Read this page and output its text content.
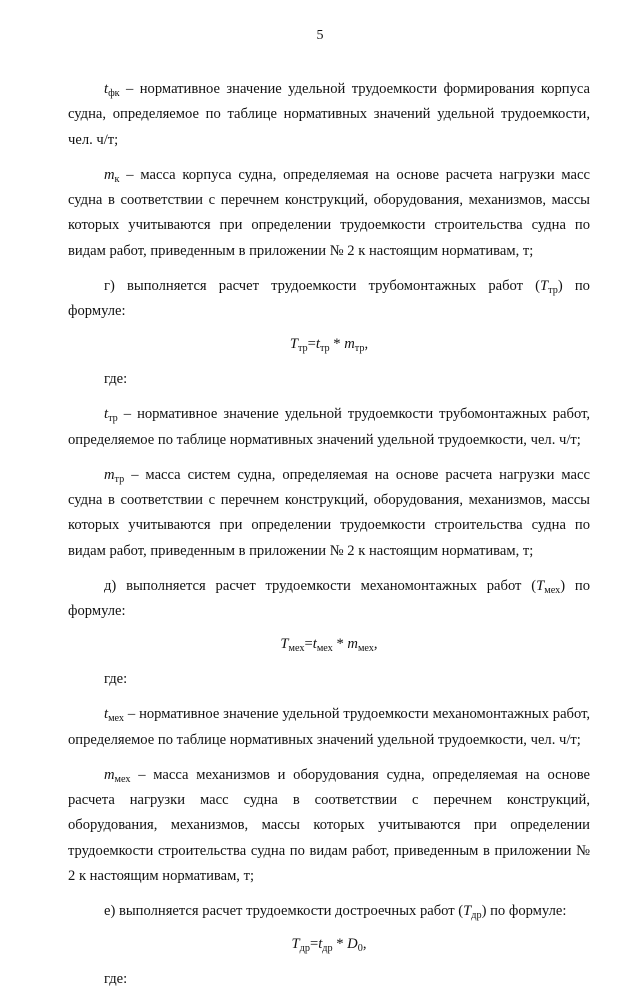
5

$t_{фк}$ – нормативное значение удельной трудоемкости формирования корпуса судна, определяемое по таблице нормативных значений удельной трудоемкости, чел. ч/т;

$m_к$ – масса корпуса судна, определяемая на основе расчета нагрузки масс судна в соответствии с перечнем конструкций, оборудования, механизмов, массы которых учитываются при определении трудоемкости строительства судна по видам работ, приведенным в приложении № 2 к настоящим нормативам, т;

г) выполняется расчет трудоемкости трубомонтажных работ $(T_{тр})$ по формуле:

$T_{тр}=t_{тр} * m_{тр}$,

где:

$t_{тр}$ – нормативное значение удельной трудоемкости трубомонтажных работ, определяемое по таблице нормативных значений удельной трудоемкости, чел. ч/т;

$m_{тр}$ – масса систем судна, определяемая на основе расчета нагрузки масс судна в соответствии с перечнем конструкций, оборудования, механизмов, массы которых учитываются при определении трудоемкости строительства судна по видам работ, приведенным в приложении № 2 к настоящим нормативам, т;

д) выполняется расчет трудоемкости механомонтажных работ $(T_{мех})$ по формуле:

$T_{мех}=t_{мех} * m_{мех}$,

где:

$t_{мех}$ – нормативное значение удельной трудоемкости механомонтажных работ, определяемое по таблице нормативных значений удельной трудоемкости, чел. ч/т;

$m_{мех}$ – масса механизмов и оборудования судна, определяемая на основе расчета нагрузки масс судна в соответствии с перечнем конструкций, оборудования, механизмов, массы которых учитываются при определении трудоемкости строительства судна по видам работ, приведенным в приложении № 2 к настоящим нормативам, т;

е) выполняется расчет трудоемкости достроечных работ $(T_{др})$ по формуле:

$T_{др}=t_{др} * D_0$,

где:
